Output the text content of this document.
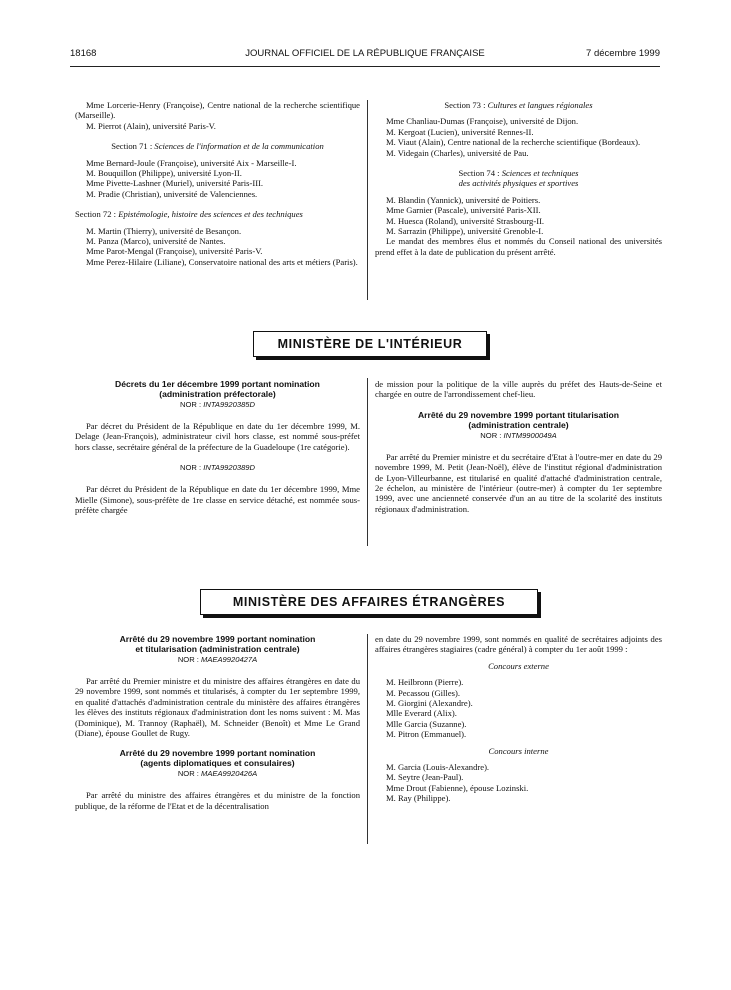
18168	JOURNAL OFFICIEL DE LA RÉPUBLIQUE FRANÇAISE	7 décembre 1999

Mme Lorcerie-Henry (Françoise), Centre national de la recherche scientifique (Marseille).

M. Pierrot (Alain), université Paris-V.

Section 71 : Sciences de l'information et de la communication

Mme Bernard-Joule (Françoise), université Aix - Marseille-I.

M. Bouquillon (Philippe), université Lyon-II.

Mme Pivette-Lashner (Muriel), université Paris-III.

M. Pradie (Christian), université de Valenciennes.

Section 72 : Epistémologie, histoire des sciences et des techniques

M. Martin (Thierry), université de Besançon.

M. Panza (Marco), université de Nantes.

Mme Parot-Mengal (Françoise), université Paris-V.

Mme Perez-Hilaire (Liliane), Conservatoire national des arts et métiers (Paris).

Section 73 : Cultures et langues régionales

Mme Chanliau-Dumas (Françoise), université de Dijon.

M. Kergoat (Lucien), université Rennes-II.

M. Viaut (Alain), Centre national de la recherche scientifique (Bordeaux).

M. Videgain (Charles), université de Pau.

Section 74 : Sciences et techniques

des activités physiques et sportives

M. Blandin (Yannick), université de Poitiers.

Mme Garnier (Pascale), université Paris-XII.

M. Huesca (Roland), université Strasbourg-II.

M. Sarrazin (Philippe), université Grenoble-I.

Le mandat des membres élus et nommés du Conseil national des universités prend effet à la date de publication du présent arrêté.

MINISTÈRE DE L'INTÉRIEUR

Décrets du 1er décembre 1999 portant nomination

(administration préfectorale)

NOR : INTA9920385D

Par décret du Président de la République en date du 1er décembre 1999, M. Delage (Jean-François), administrateur civil hors classe, est nommé sous-préfet hors classe, secrétaire général de la préfecture de la Guadeloupe (1re catégorie).

NOR : INTA9920389D

Par décret du Président de la République en date du 1er décembre 1999, Mme Mielle (Simone), sous-préfète de 1re classe en service détaché, est nommée sous-préfète chargée

de mission pour la politique de la ville auprès du préfet des Hauts-de-Seine et chargée en outre de l'arrondissement chef-lieu.

Arrêté du 29 novembre 1999 portant titularisation

(administration centrale)

NOR : INTM9900049A

Par arrêté du Premier ministre et du secrétaire d'Etat à l'outre-mer en date du 29 novembre 1999, M. Petit (Jean-Noël), élève de l'institut régional d'administration de Lyon-Villeurbanne, est titularisé en qualité d'attaché d'administration centrale, 2e échelon, au ministère de l'intérieur (outre-mer) à compter du 1er septembre 1999, avec une ancienneté conservée d'un an au titre de la scolarité des instituts régionaux d'administration.

MINISTÈRE DES AFFAIRES ÉTRANGÈRES

Arrêté du 29 novembre 1999 portant nomination

et titularisation (administration centrale)

NOR : MAEA9920427A

Par arrêté du Premier ministre et du ministre des affaires étrangères en date du 29 novembre 1999, sont nommés et titularisés, à compter du 1er septembre 1999, en qualité d'attachés d'administration centrale du ministère des affaires étrangères les élèves des instituts régionaux d'administration dont les noms suivent : M. Mas (Dominique), M. Trannoy (Raphaël), M. Schneider (Benoît) et Mme Le Grand (Diane), épouse Goullet de Rugy.

Arrêté du 29 novembre 1999 portant nomination

(agents diplomatiques et consulaires)

NOR : MAEA9920426A

Par arrêté du ministre des affaires étrangères et du ministre de la fonction publique, de la réforme de l'Etat et de la décentralisation

en date du 29 novembre 1999, sont nommés en qualité de secrétaires adjoints des affaires étrangères stagiaires (cadre général) à compter du 1er août 1999 :

Concours externe

M. Heilbronn (Pierre).

M. Pecassou (Gilles).

M. Giorgini (Alexandre).

Mlle Everard (Alix).

Mlle Garcia (Suzanne).

M. Pitron (Emmanuel).

Concours interne

M. Garcia (Louis-Alexandre).

M. Seytre (Jean-Paul).

Mme Drout (Fabienne), épouse Lozinski.

M. Ray (Philippe).
